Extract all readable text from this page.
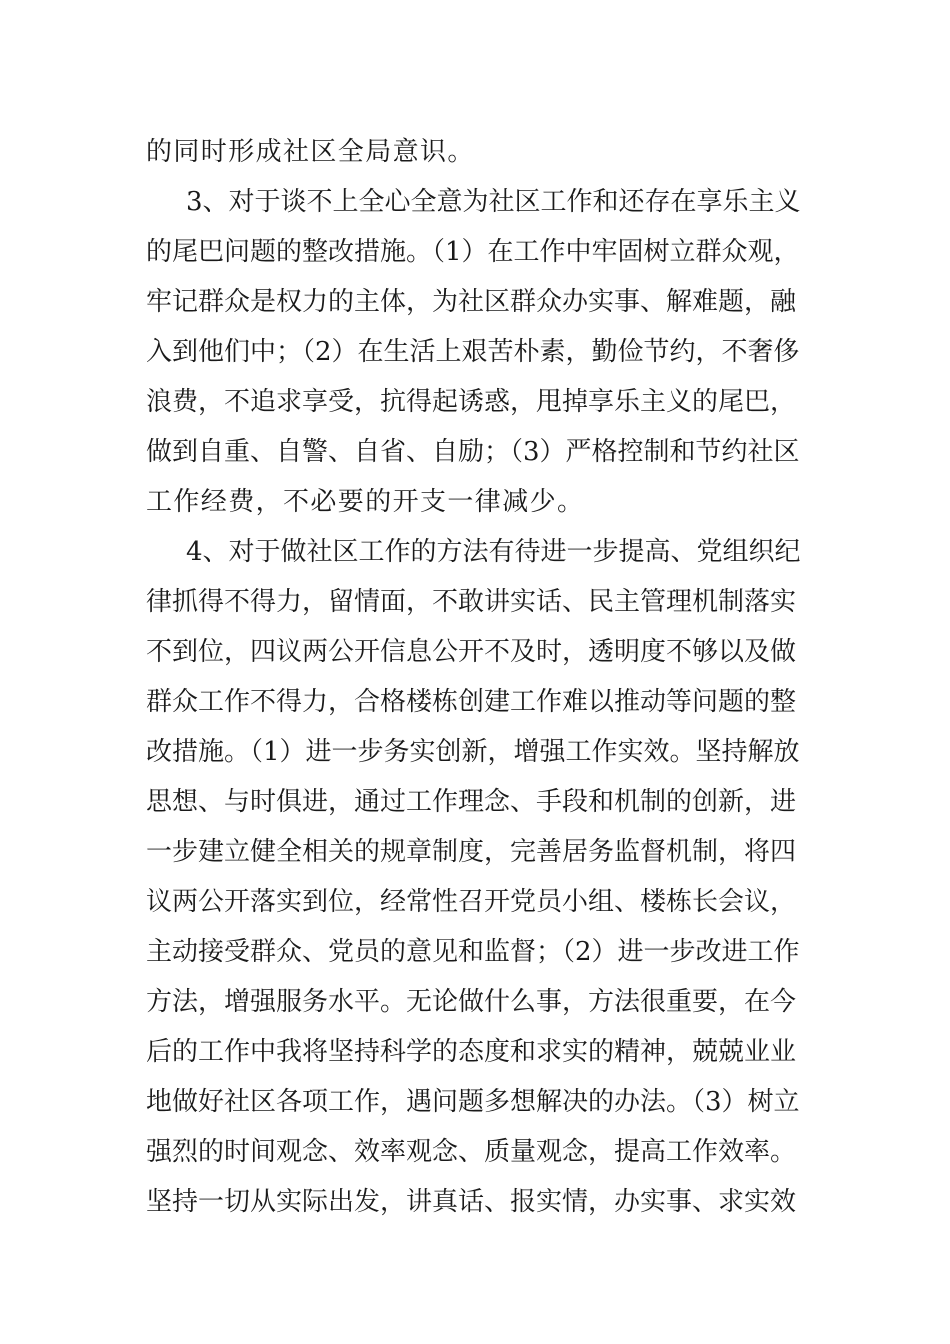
的同时形成社区全局意识。
3、对于谈不上全心全意为社区工作和还存在享乐主义
的尾巴问题的整改措施。（1）在工作中牢固树立群众观，
牢记群众是权力的主体，为社区群众办实事、解难题，融
入到他们中；（2）在生活上艰苦朴素，勤俭节约，不奢侈
浪费，不追求享受，抗得起诱惑，甩掉享乐主义的尾巴，
做到自重、自警、自省、自励；（3）严格控制和节约社区
工作经费，不必要的开支一律减少。
4、对于做社区工作的方法有待进一步提高、党组织纪
律抓得不得力，留情面，不敢讲实话、民主管理机制落实
不到位，四议两公开信息公开不及时，透明度不够以及做
群众工作不得力，合格楼栋创建工作难以推动等问题的整
改措施。（1）进一步务实创新，增强工作实效。坚持解放
思想、与时俱进，通过工作理念、手段和机制的创新，进
一步建立健全相关的规章制度，完善居务监督机制，将四
议两公开落实到位，经常性召开党员小组、楼栋长会议，
主动接受群众、党员的意见和监督；（2）进一步改进工作
方法，增强服务水平。无论做什么事，方法很重要，在今
后的工作中我将坚持科学的态度和求实的精神，兢兢业业
地做好社区各项工作，遇问题多想解决的办法。（3）树立
强烈的时间观念、效率观念、质量观念，提高工作效率。
坚持一切从实际出发，讲真话、报实情，办实事、求实效
